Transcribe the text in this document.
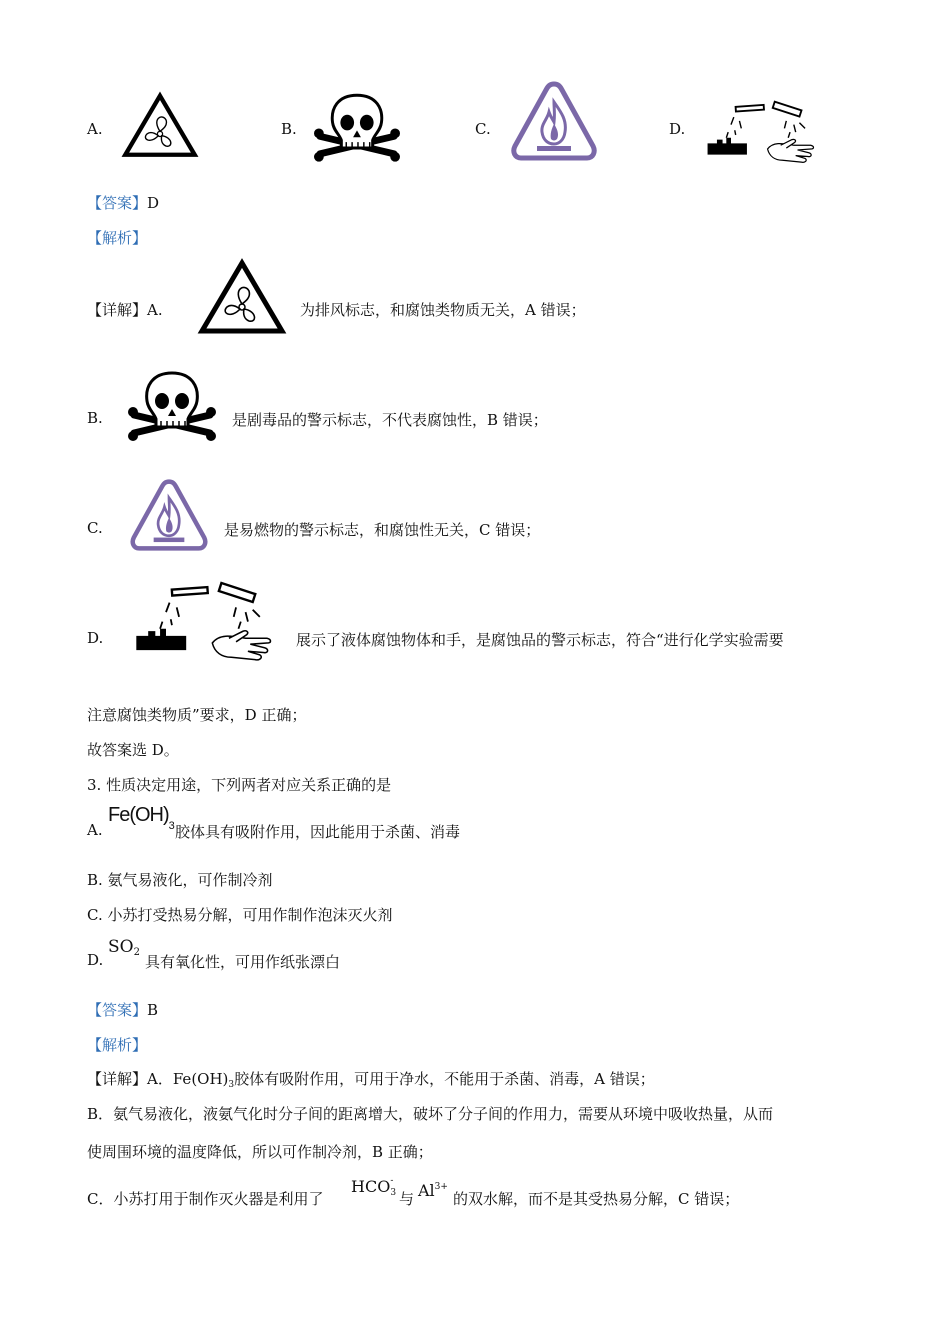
A.	B.	C.	D.
【答案】D
【解析】
【详解】A.	为排风标志，和腐蚀类物质无关，A 错误；
B.	是剧毒品的警示标志，不代表腐蚀性，B 错误；
C.	是易燃物的警示标志，和腐蚀性无关，C 错误；
D.	展示了液体腐蚀物体和手，是腐蚀品的警示标志，符合“进行化学实验需要
注意腐蚀类物质”要求，D 正确；
故答案选 D。
3. 性质决定用途，下列两者对应关系正确的是
A.
$Fe(OH)_3$ 胶体具有吸附作用，因此能用于杀菌、消毒
B. 氨气易液化，可作制冷剂
C. 小苏打受热易分解，可用作制作泡沫灭火剂
D.
SO2
具有氧化性，可用作纸张漂白
【答案】B
【解析】
【详解】A．$Fe(OH)_3$胶体有吸附作用，可用于净水，不能用于杀菌、消毒，A 错误；
B．氨气易液化，液氨气化时分子间的距离增大，破坏了分子间的作用力，需要从环境中吸收热量，从而
使周围环境的温度降低，所以可作制冷剂，B 正确；
C．小苏打用于制作灭火器是利用了
HCO -
3 与 $Al^{3+}$
的双水解，而不是其受热易分解，C 错误；
